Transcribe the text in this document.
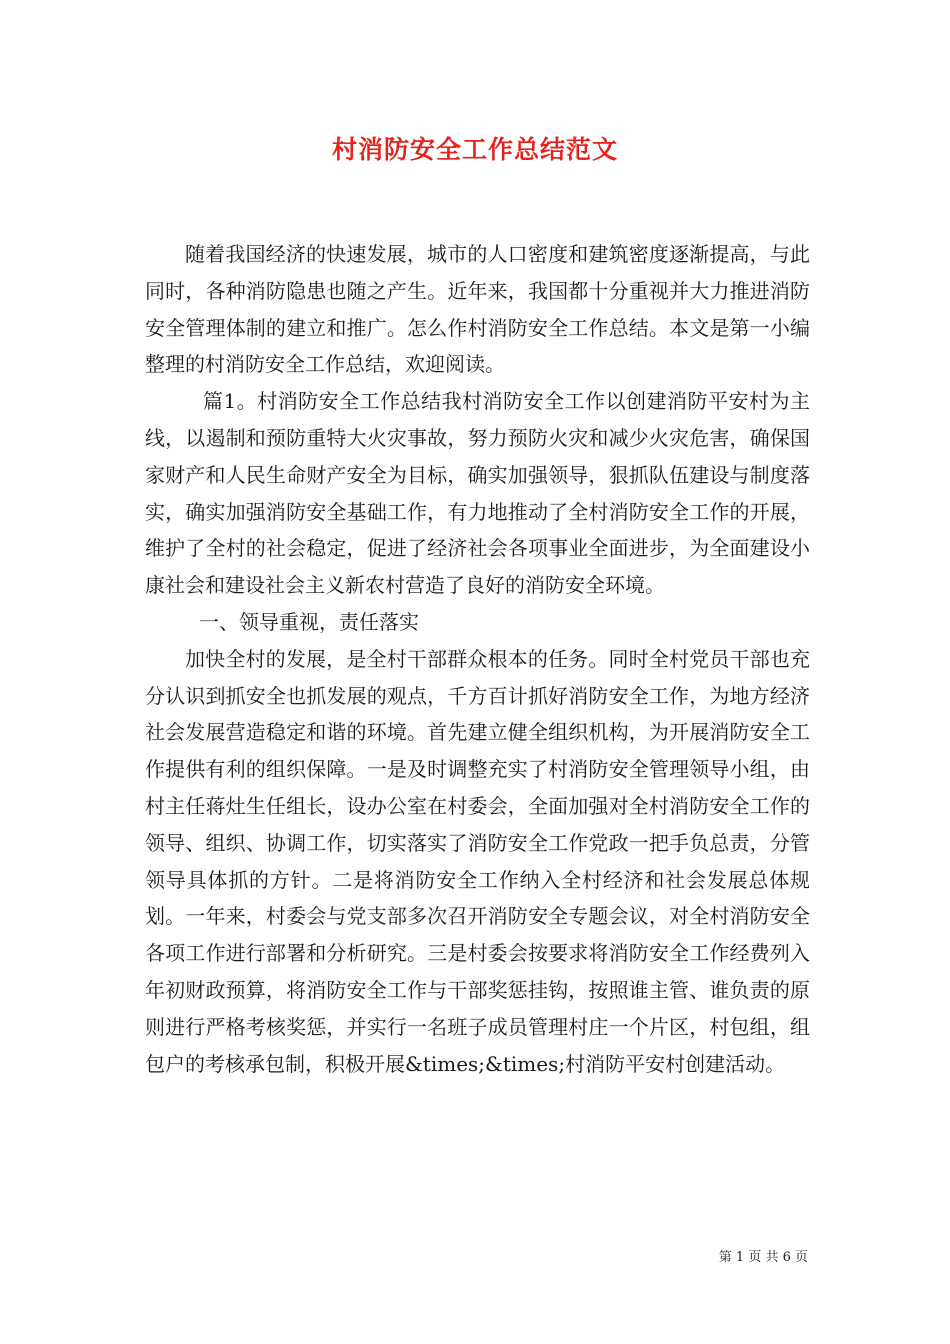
村消防安全工作总结范文

随着我国经济的快速发展，城市的人口密度和建筑密度逐渐提高，与此同时，各种消防隐患也随之产生。近年来，我国都十分重视并大力推进消防安全管理体制的建立和推广。怎么作村消防安全工作总结。本文是第一小编整理的村消防安全工作总结，欢迎阅读。

篇1。村消防安全工作总结我村消防安全工作以创建消防平安村为主线，以遏制和预防重特大火灾事故，努力预防火灾和减少火灾危害，确保国家财产和人民生命财产安全为目标，确实加强领导，狠抓队伍建设与制度落实，确实加强消防安全基础工作，有力地推动了全村消防安全工作的开展，维护了全村的社会稳定，促进了经济社会各项事业全面进步，为全面建设小康社会和建设社会主义新农村营造了良好的消防安全环境。

一、领导重视，责任落实

加快全村的发展，是全村干部群众根本的任务。同时全村党员干部也充分认识到抓安全也抓发展的观点，千方百计抓好消防安全工作，为地方经济社会发展营造稳定和谐的环境。首先建立健全组织机构，为开展消防安全工作提供有利的组织保障。一是及时调整充实了村消防安全管理领导小组，由村主任蒋灶生任组长，设办公室在村委会，全面加强对全村消防安全工作的领导、组织、协调工作，切实落实了消防安全工作党政一把手负总责，分管领导具体抓的方针。二是将消防安全工作纳入全村经济和社会发展总体规划。一年来，村委会与党支部多次召开消防安全专题会议，对全村消防安全各项工作进行部署和分析研究。三是村委会按要求将消防安全工作经费列入年初财政预算，将消防安全工作与干部奖惩挂钩，按照谁主管、谁负责的原则进行严格考核奖惩，并实行一名班子成员管理村庄一个片区，村包组，组包户的考核承包制，积极开展&times;&times;村消防平安村创建活动。

第 1 页 共 6 页
